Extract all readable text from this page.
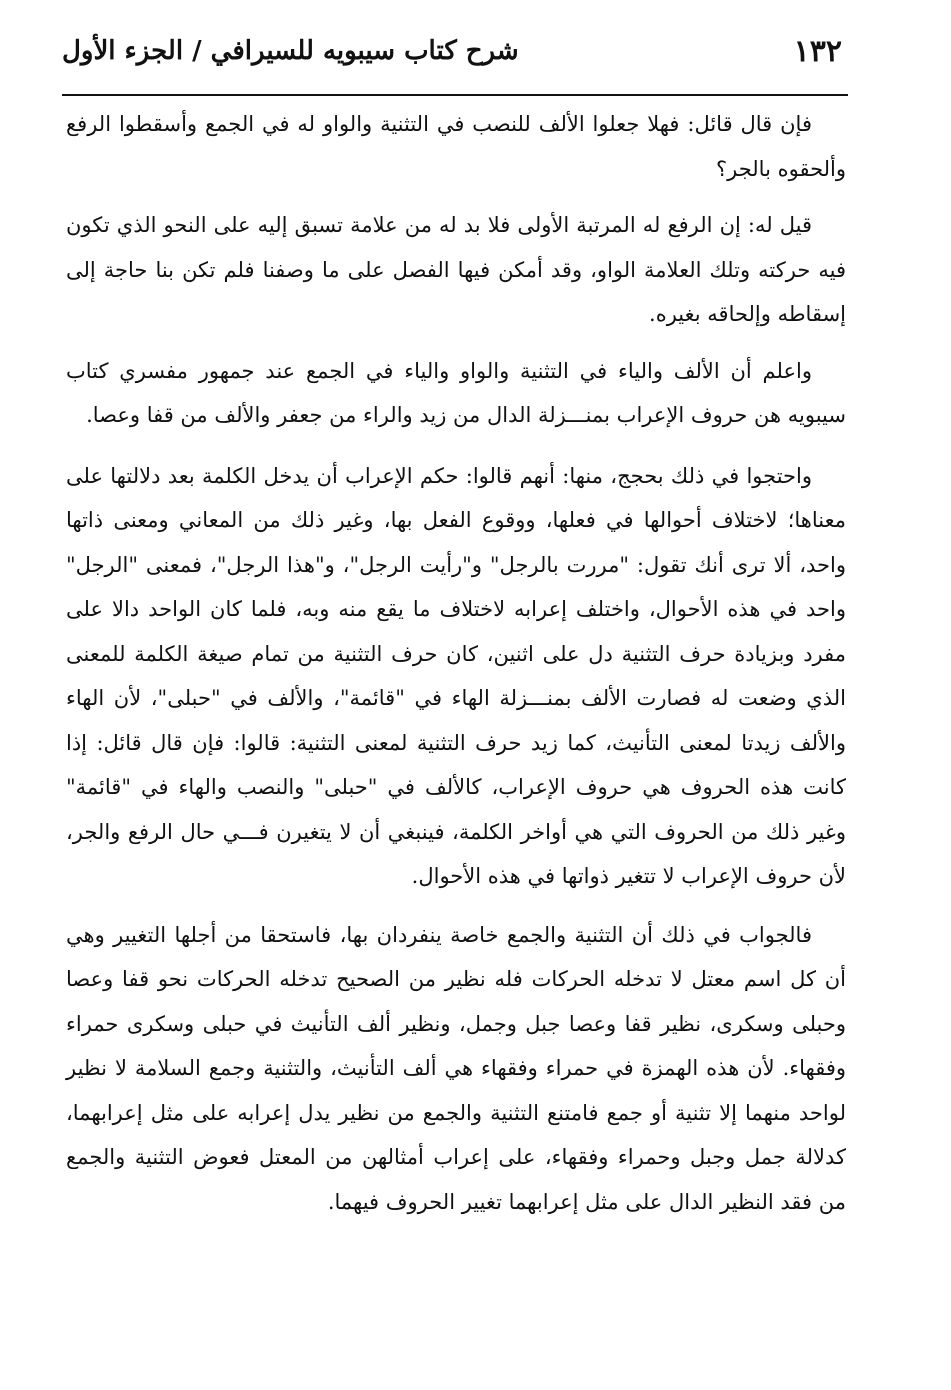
١٣٢
شرح كتاب سيبويه للسيرافي / الجزء الأول

فإن قال قائل: فهلا جعلوا الألف للنصب في التثنية والواو له في الجمع وأسقطوا الرفع وألحقوه بالجر؟

قيل له: إن الرفع له المرتبة الأولى فلا بد له من علامة تسبق إليه على النحو الذي تكون فيه حركته وتلك العلامة الواو، وقد أمكن فيها الفصل على ما وصفنا فلم تكن بنا حاجة إلى إسقاطه وإلحاقه بغيره.

واعلم أن الألف والياء في التثنية والواو والياء في الجمع عند جمهور مفسري كتاب سيبويه هن حروف الإعراب بمنـــزلة الدال من زيد والراء من جعفر والألف من قفا وعصا.

واحتجوا في ذلك بحجج، منها: أنهم قالوا: حكم الإعراب أن يدخل الكلمة بعد دلالتها على معناها؛ لاختلاف أحوالها في فعلها، ووقوع الفعل بها، وغير ذلك من المعاني ومعنى ذاتها واحد، ألا ترى أنك تقول: "مررت بالرجل" و"رأيت الرجل"، و"هذا الرجل"، فمعنى "الرجل" واحد في هذه الأحوال، واختلف إعرابه لاختلاف ما يقع منه وبه، فلما كان الواحد دالا على مفرد وبزيادة حرف التثنية دل على اثنين، كان حرف التثنية من تمام صيغة الكلمة للمعنى الذي وضعت له فصارت الألف بمنـــزلة الهاء في "قائمة"، والألف في "حبلى"، لأن الهاء والألف زيدتا لمعنى التأنيث، كما زيد حرف التثنية لمعنى التثنية: قالوا: فإن قال قائل: إذا كانت هذه الحروف هي حروف الإعراب، كالألف في "حبلى" والنصب والهاء في "قائمة" وغير ذلك من الحروف التي هي أواخر الكلمة، فينبغي أن لا يتغيرن فـــي حال الرفع والجر، لأن حروف الإعراب لا تتغير ذواتها في هذه الأحوال.

فالجواب في ذلك أن التثنية والجمع خاصة ينفردان بها، فاستحقا من أجلها التغيير وهي أن كل اسم معتل لا تدخله الحركات فله نظير من الصحيح تدخله الحركات نحو قفا وعصا وحبلى وسكرى، نظير قفا وعصا جبل وجمل، ونظير ألف التأنيث في حبلى وسكرى حمراء وفقهاء. لأن هذه الهمزة في حمراء وفقهاء هي ألف التأنيث، والتثنية وجمع السلامة لا نظير لواحد منهما إلا تثنية أو جمع فامتنع التثنية والجمع من نظير يدل إعرابه على مثل إعرابهما، كدلالة جمل وجبل وحمراء وفقهاء، على إعراب أمثالهن من المعتل فعوض التثنية والجمع من فقد النظير الدال على مثل إعرابهما تغيير الحروف فيهما.
